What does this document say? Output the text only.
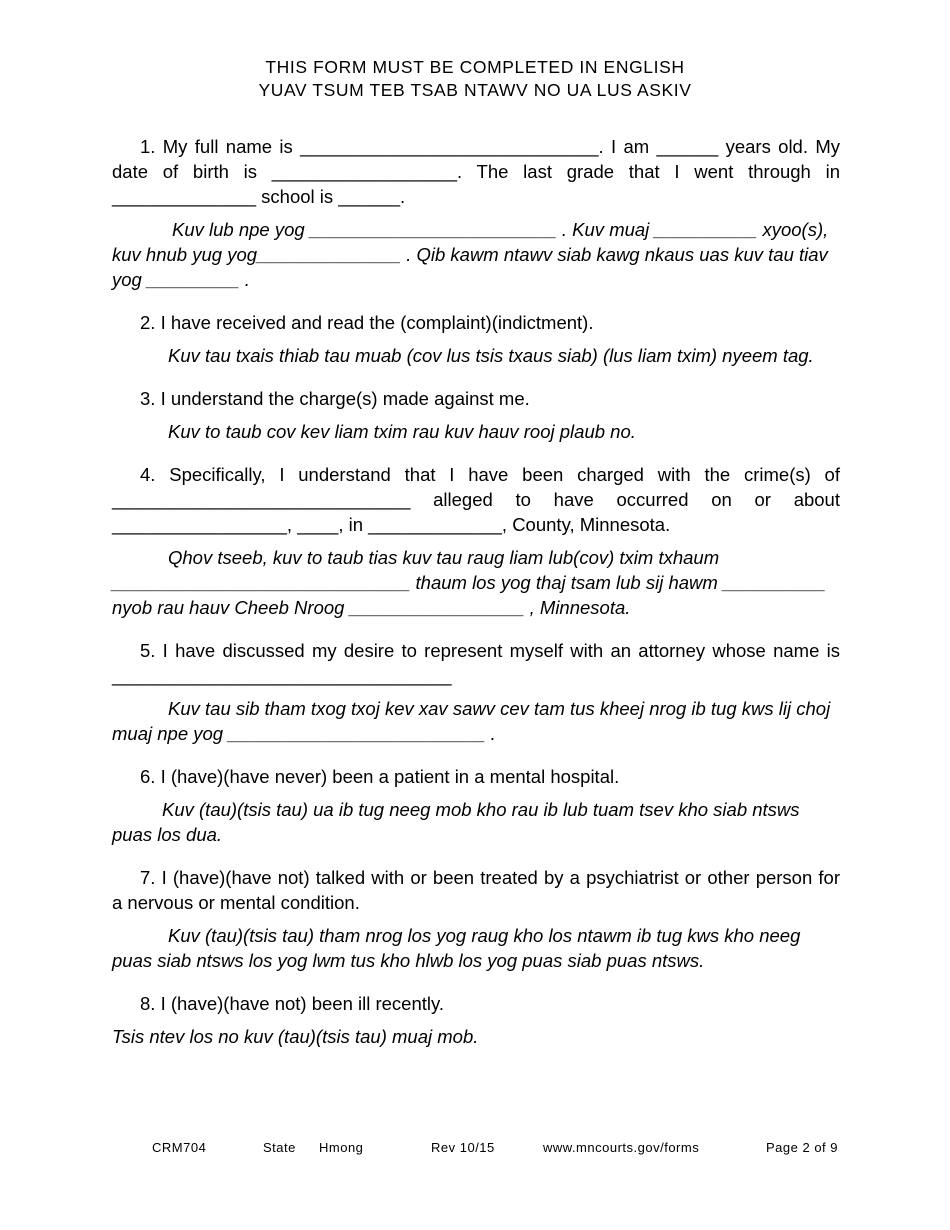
THIS FORM MUST BE COMPLETED IN ENGLISH
YUAV TSUM TEB TSAB NTAWV NO UA LUS ASKIV
1. My full name is _____________________________. I am ______ years old. My date of birth is __________________. The last grade that I went through in ______________ school is ______.
Kuv lub npe yog ________________________ . Kuv muaj __________ xyoo(s), kuv hnub yug yog______________ . Qib kawm ntawv siab kawg nkaus uas kuv tau tiav yog _________ .
2. I have received and read the (complaint)(indictment).
Kuv tau txais thiab tau muab (cov lus tsis txaus siab) (lus liam txim) nyeem tag.
3. I understand the charge(s) made against me.
Kuv to taub cov kev liam txim rau kuv hauv rooj plaub no.
4. Specifically, I understand that I have been charged with the crime(s) of _____________________________ alleged to have occurred on or about _________________, ____, in _____________, County, Minnesota.
Qhov tseeb, kuv to taub tias kuv tau raug liam lub(cov) txim txhaum _____________________________ thaum los yog thaj tsam lub sij hawm __________ nyob rau hauv Cheeb Nroog _________________ , Minnesota.
5. I have discussed my desire to represent myself with an attorney whose name is _________________________________
Kuv tau sib tham txog txoj kev xav sawv cev tam tus kheej nrog ib tug kws lij choj muaj npe yog _________________________ .
6. I (have)(have never) been a patient in a mental hospital.
Kuv (tau)(tsis tau) ua ib tug neeg mob kho rau ib lub tuam tsev kho siab ntsws puas los dua.
7. I (have)(have not) talked with or been treated by a psychiatrist or other person for a nervous or mental condition.
Kuv (tau)(tsis tau) tham nrog los yog raug kho los ntawm ib tug kws kho neeg puas siab ntsws los yog lwm tus kho hlwb los yog puas siab puas ntsws.
8. I (have)(have not) been ill recently.
Tsis ntev los no kuv (tau)(tsis tau) muaj mob.
CRM704	State Hmong	Rev 10/15	www.mncourts.gov/forms	Page 2 of 9
